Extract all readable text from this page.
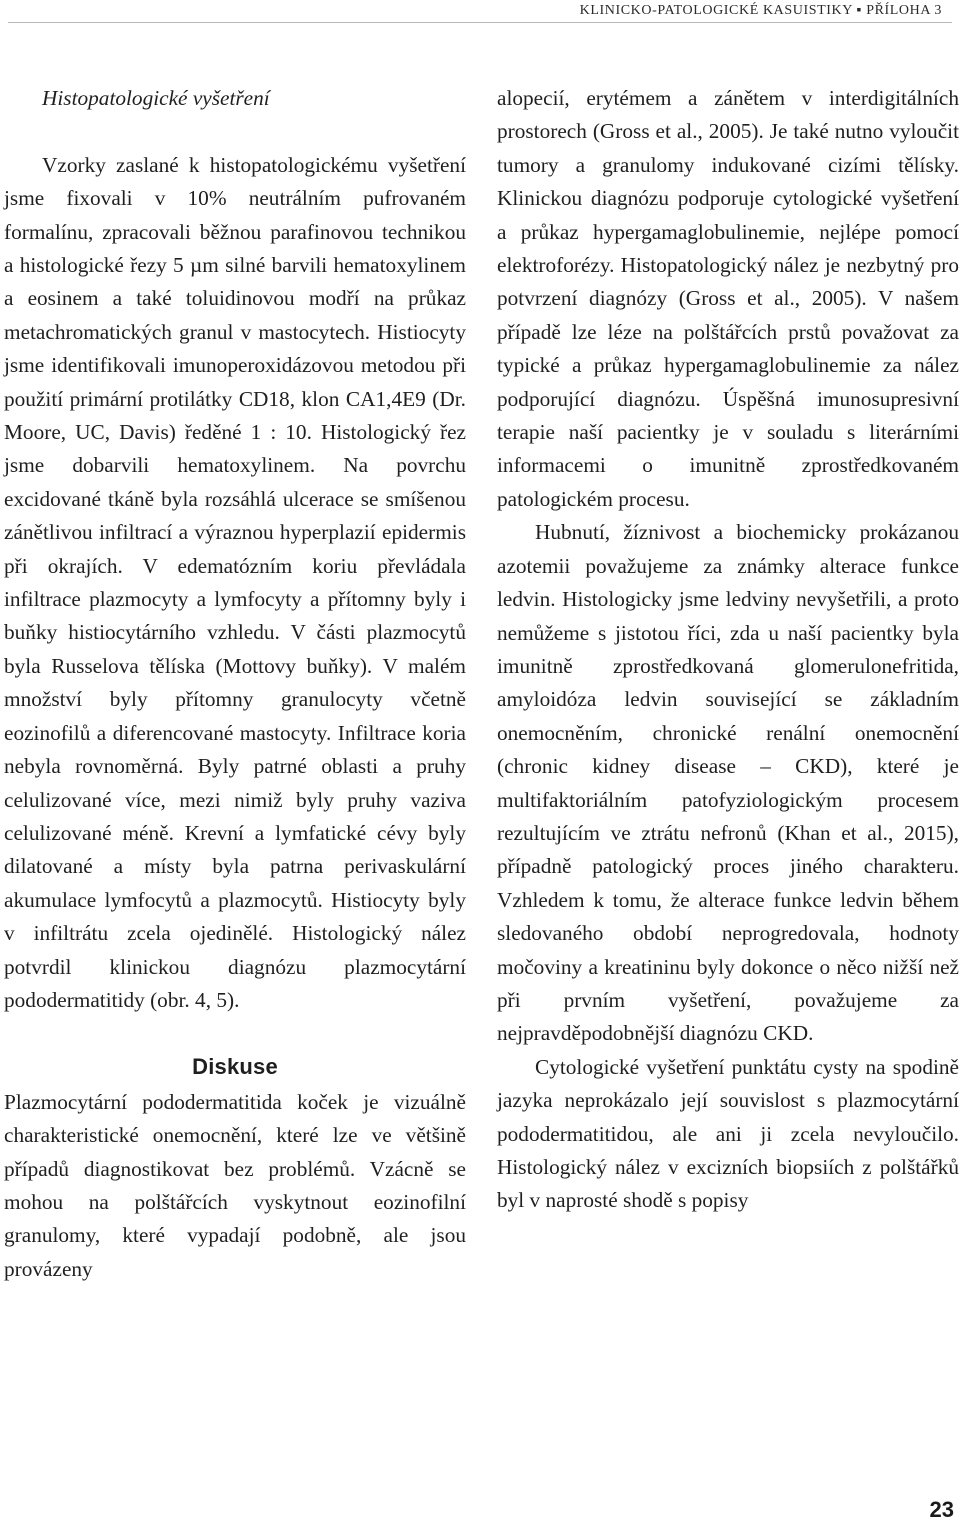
KLINICKO-PATOLOGICKÉ KASUISTIKY ▪ PŘÍLOHA 3
Histopatologické vyšetření

Vzorky zaslané k histopatologickému vyšetření jsme fixovali v 10% neutrálním pufrovaném formalínu, zpracovali běžnou parafinovou technikou a histologické řezy 5 µm silné barvili hematoxylinem a eosinem a také toluidinovou modří na průkaz metachromatických granul v mastocytech. Histiocyty jsme identifikovali imunoperoxidázovou metodou při použití primární protilátky CD18, klon CA1,4E9 (Dr. Moore, UC, Davis) ředěné 1 : 10. Histologický řez jsme dobarvili hematoxylinem. Na povrchu excidované tkáně byla rozsáhlá ulcerace se smíšenou zánětlivou infiltrací a výraznou hyperplazií epidermis při okrajích. V edematózním koriu převládala infiltrace plazmocyty a lymfocyty a přítomny byly i buňky histiocytárního vzhledu. V části plazmocytů byla Russelova tělíska (Mottovy buňky). V malém množství byly přítomny granulocyty včetně eozinofilů a diferencované mastocyty. Infiltrace koria nebyla rovnoměrná. Byly patrné oblasti a pruhy celulizované více, mezi nimiž byly pruhy vaziva celulizované méně. Krevní a lymfatické cévy byly dilatované a místy byla patrna perivaskulární akumulace lymfocytů a plazmocytů. Histiocyty byly v infiltrátu zcela ojedinělé. Histologický nález potvrdil klinickou diagnózu plazmocytární pododermatitidy (obr. 4, 5).

Diskuse

Plazmocytární pododermatitida koček je vizuálně charakteristické onemocnění, které lze ve většině případů diagnostikovat bez problémů. Vzácně se mohou na polštářcích vyskytnout eozinofilní granulomy, které vypadají podobně, ale jsou provázeny

alopecií, erytémem a zánětem v interdigitálních prostorech (Gross et al., 2005). Je také nutno vyloučit tumory a granulomy indukované cizími tělísky. Klinickou diagnózu podporuje cytologické vyšetření a průkaz hypergamaglobulinemie, nejlépe pomocí elektroforézy. Histopatologický nález je nezbytný pro potvrzení diagnózy (Gross et al., 2005). V našem případě lze léze na polštářcích prstů považovat za typické a průkaz hypergamaglobulinemie za nález podporující diagnózu. Úspěšná imunosupresivní terapie naší pacientky je v souladu s literárními informacemi o imunitně zprostředkovaném patologickém procesu.

Hubnutí, žíznivost a biochemicky prokázanou azotemii považujeme za známky alterace funkce ledvin. Histologicky jsme ledviny nevyšetřili, a proto nemůžeme s jistotou říci, zda u naší pacientky byla imunitně zprostředkovaná glomerulonefritida, amyloidóza ledvin související se základním onemocněním, chronické renální onemocnění (chronic kidney disease – CKD), které je multifaktoriálním patofyziologickým procesem rezultujícím ve ztrátu nefronů (Khan et al., 2015), případně patologický proces jiného charakteru. Vzhledem k tomu, že alterace funkce ledvin během sledovaného období neprogredovala, hodnoty močoviny a kreatininu byly dokonce o něco nižší než při prvním vyšetření, považujeme za nejpravděpodobnější diagnózu CKD.

Cytologické vyšetření punktátu cysty na spodině jazyka neprokázalo její souvislost s plazmocytární pododermatitidou, ale ani ji zcela nevyloučilo. Histologický nález v excizních biopsiích z polštářků byl v naprosté shodě s popisy

23
